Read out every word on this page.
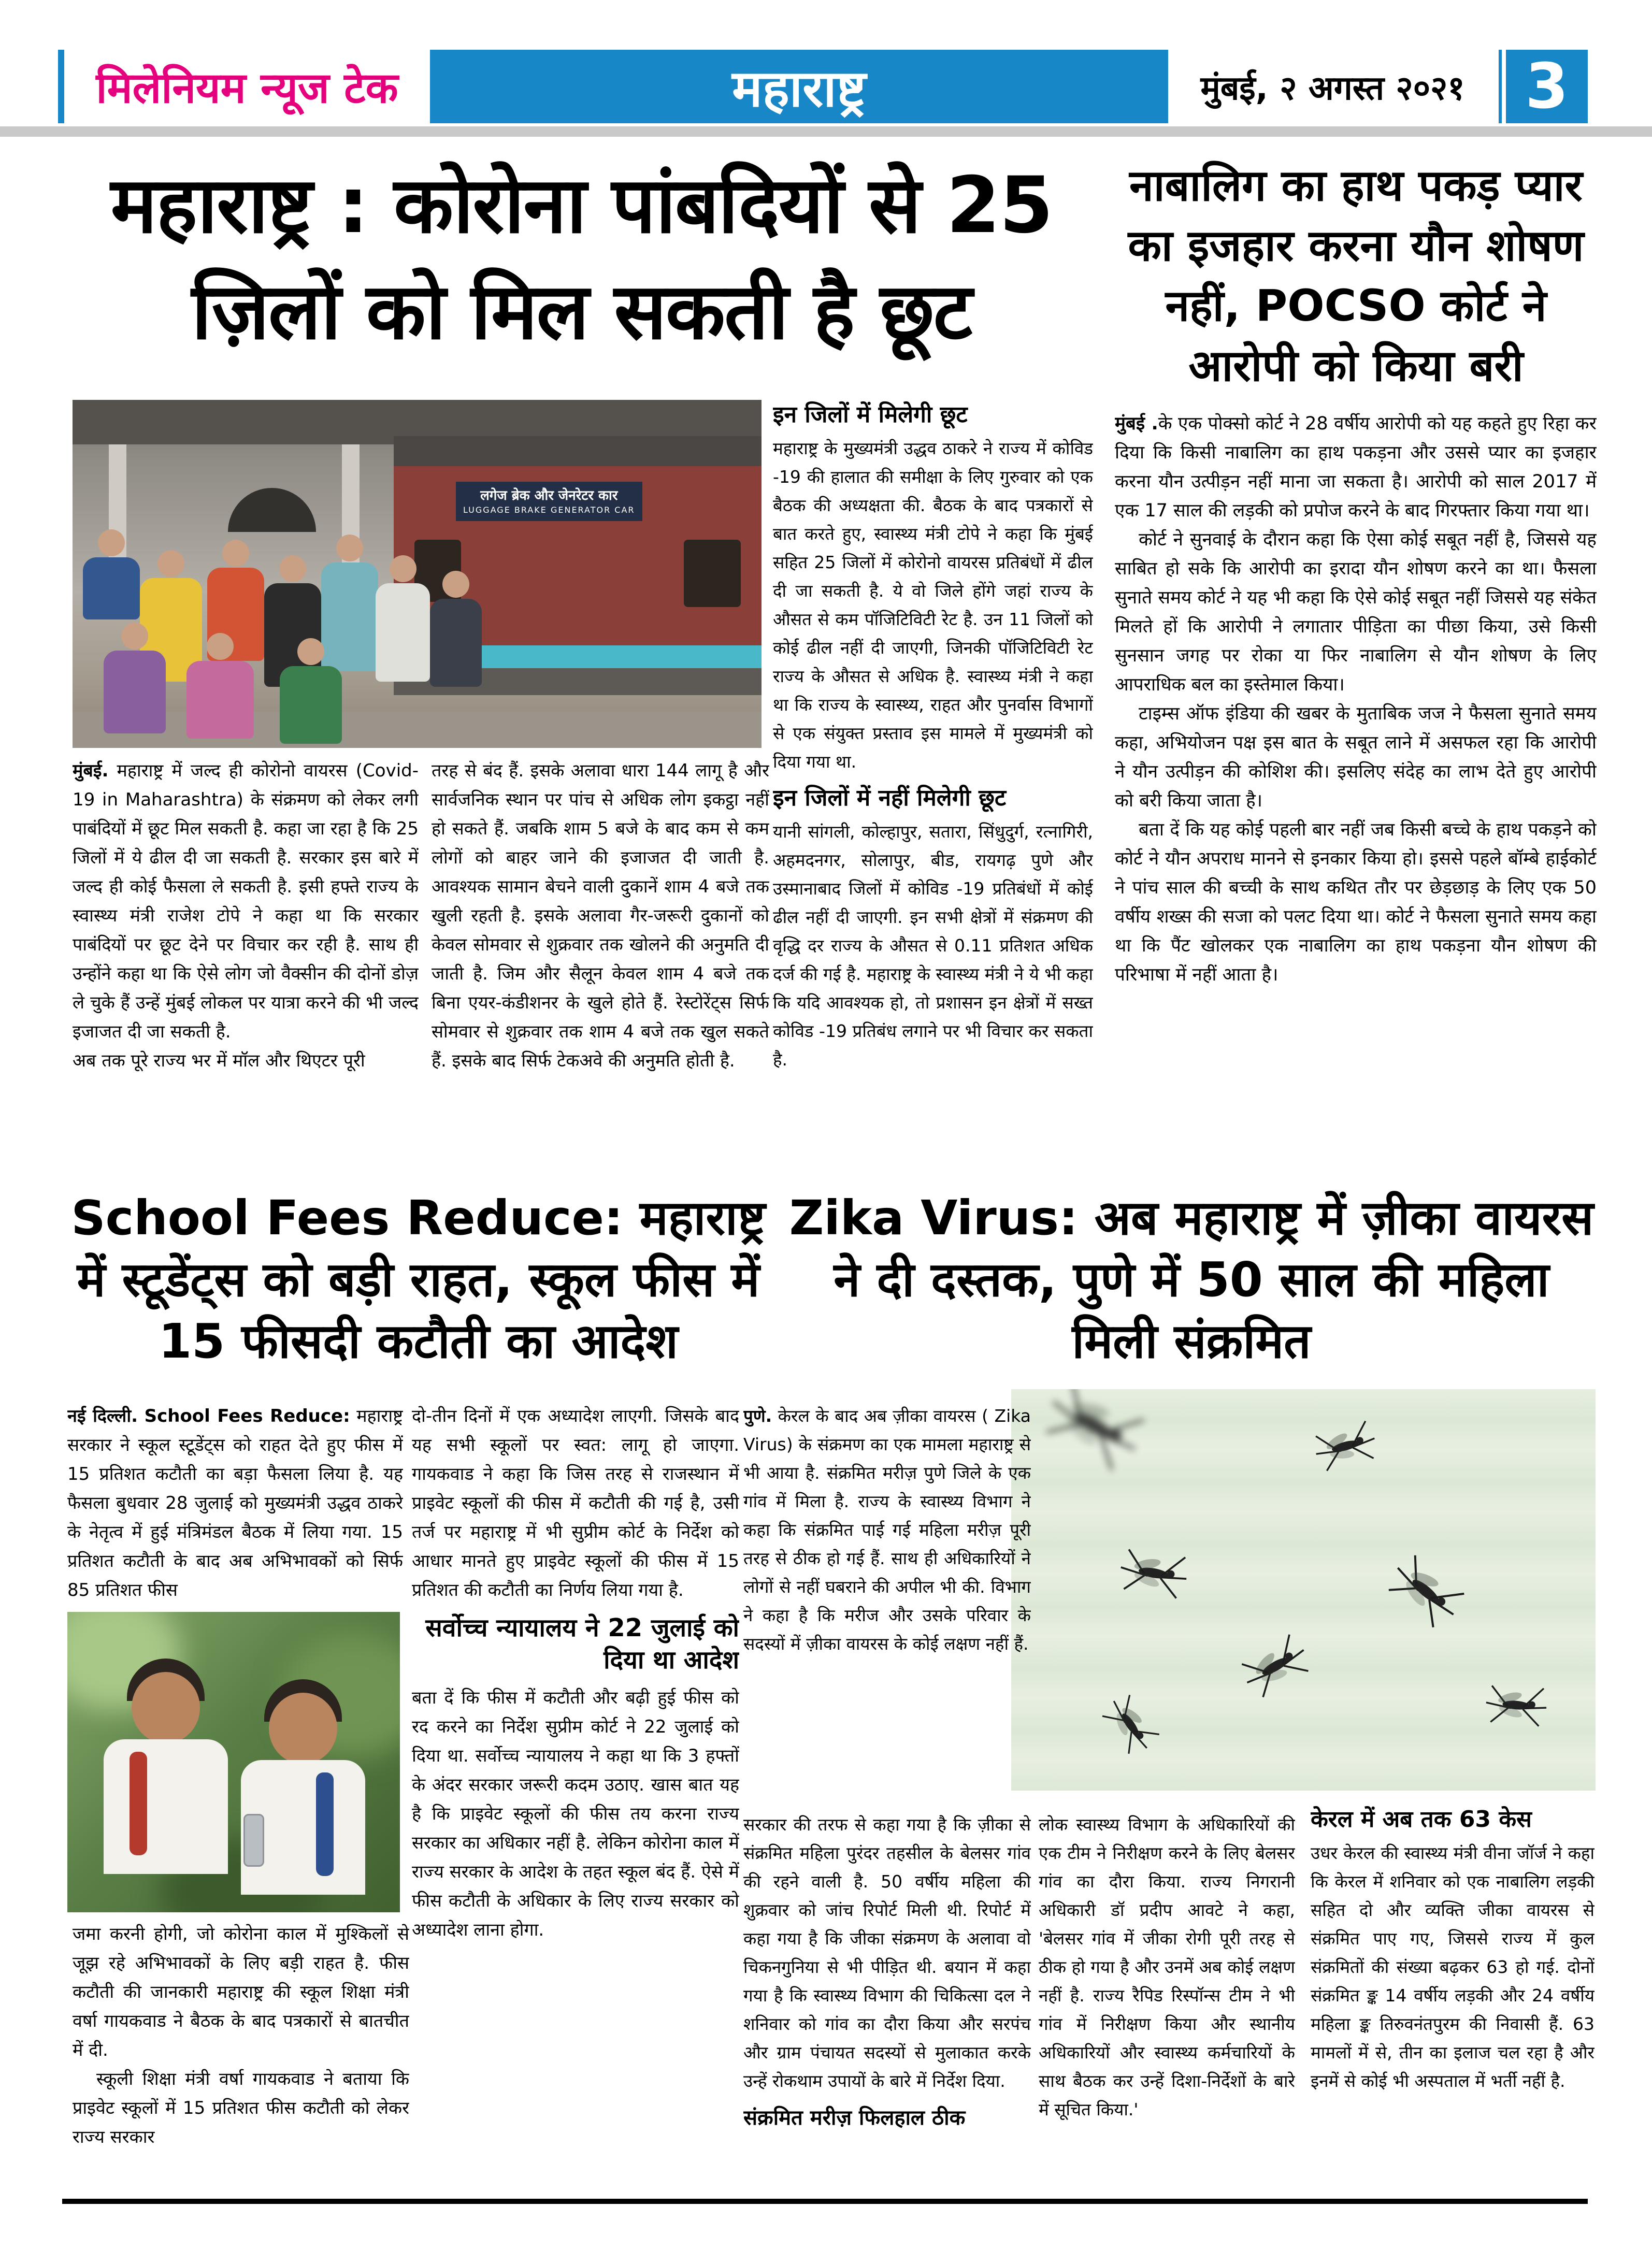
मिलेनियम न्यूज टेक	महाराष्ट्र	मुंबई, २ अगस्त २०२१ 3
महाराष्ट्र : कोरोना पांबदियों से 25 ज़िलों को मिल सकती है छूट
लगेज ब्रेक और जेनरेटर कार
LUGGAGE BRAKE GENERATOR CAR

मुंबई. महाराष्ट्र में जल्द ही कोरोनो वायरस (Covid-19 in Maharashtra) के संक्रमण को लेकर लगी पाबंदियों में छूट मिल सकती है. कहा जा रहा है कि 25 जिलों में ये ढील दी जा सकती है. सरकार इस बारे में जल्द ही कोई फैसला ले सकती है. इसी हफ्ते राज्य के स्वास्थ्य मंत्री राजेश टोपे ने कहा था कि सरकार पाबंदियों पर छूट देने पर विचार कर रही है. साथ ही उन्होंने कहा था कि ऐसे लोग जो वैक्सीन की दोनों डोज़ ले चुके हैं उन्हें मुंबई लोकल पर यात्रा करने की भी जल्द इजाजत दी जा सकती है.

अब तक पूरे राज्य भर में मॉल और थिएटर पूरी

तरह से बंद हैं. इसके अलावा धारा 144 लागू है और सार्वजनिक स्थान पर पांच से अधिक लोग इकट्ठा नहीं हो सकते हैं. जबकि शाम 5 बजे के बाद कम से कम लोगों को बाहर जाने की इजाजत दी जाती है. आवश्यक सामान बेचने वाली दुकानें शाम 4 बजे तक खुली रहती है. इसके अलावा गैर-जरूरी दुकानों को केवल सोमवार से शुक्रवार तक खोलने की अनुमति दी जाती है. जिम और सैलून केवल शाम 4 बजे तक बिना एयर-कंडीशनर के खुले होते हैं. रेस्टोरेंट्स सिर्फ सोमवार से शुक्रवार तक शाम 4 बजे तक खुल सकते हैं. इसके बाद सिर्फ टेकअवे की अनुमति होती है.

इन जिलों में मिलेगी छूट

महाराष्ट्र के मुख्यमंत्री उद्धव ठाकरे ने राज्य में कोविड -19 की हालात की समीक्षा के लिए गुरुवार को एक बैठक की अध्यक्षता की. बैठक के बाद पत्रकारों से बात करते हुए, स्वास्थ्य मंत्री टोपे ने कहा कि मुंबई सहित 25 जिलों में कोरोनो वायरस प्रतिबंधों में ढील दी जा सकती है. ये वो जिले होंगे जहां राज्य के औसत से कम पॉजिटिविटी रेट है. उन 11 जिलों को कोई ढील नहीं दी जाएगी, जिनकी पॉजिटिविटी रेट राज्य के औसत से अधिक है. स्वास्थ्य मंत्री ने कहा था कि राज्य के स्वास्थ्य, राहत और पुनर्वास विभागों से एक संयुक्त प्रस्ताव इस मामले में मुख्यमंत्री को दिया गया था.

इन जिलों में नहीं मिलेगी छूट

यानी सांगली, कोल्हापुर, सतारा, सिंधुदुर्ग, रत्नागिरी, अहमदनगर, सोलापुर, बीड, रायगढ़ पुणे और उस्मानाबाद जिलों में कोविड -19 प्रतिबंधों में कोई ढील नहीं दी जाएगी. इन सभी क्षेत्रों में संक्रमण की वृद्धि दर राज्य के औसत से 0.11 प्रतिशत अधिक दर्ज की गई है. महाराष्ट्र के स्वास्थ्य मंत्री ने ये भी कहा कि यदि आवश्यक हो, तो प्रशासन इन क्षेत्रों में सख्त कोविड -19 प्रतिबंध लगाने पर भी विचार कर सकता है.

नाबालिग का हाथ पकड़ प्यार का इजहार करना यौन शोषण नहीं, POCSO कोर्ट ने आरोपी को किया बरी

मुंबई .के एक पोक्सो कोर्ट ने 28 वर्षीय आरोपी को यह कहते हुए रिहा कर दिया कि किसी नाबालिग का हाथ पकड़ना और उससे प्यार का इजहार करना यौन उत्पीड़न नहीं माना जा सकता है। आरोपी को साल 2017 में एक 17 साल की लड़की को प्रपोज करने के बाद गिरफ्तार किया गया था।

कोर्ट ने सुनवाई के दौरान कहा कि ऐसा कोई सबूत नहीं है, जिससे यह साबित हो सके कि आरोपी का इरादा यौन शोषण करने का था। फैसला सुनाते समय कोर्ट ने यह भी कहा कि ऐसे कोई सबूत नहीं जिससे यह संकेत मिलते हों कि आरोपी ने लगातार पीड़िता का पीछा किया, उसे किसी सुनसान जगह पर रोका या फिर नाबालिग से यौन शोषण के लिए आपराधिक बल का इस्तेमाल किया।

टाइम्स ऑफ इंडिया की खबर के मुताबिक जज ने फैसला सुनाते समय कहा, अभियोजन पक्ष इस बात के सबूत लाने में असफल रहा कि आरोपी ने यौन उत्पीड़न की कोशिश की। इसलिए संदेह का लाभ देते हुए आरोपी को बरी किया जाता है।

बता दें कि यह कोई पहली बार नहीं जब किसी बच्चे के हाथ पकड़ने को कोर्ट ने यौन अपराध मानने से इनकार किया हो। इससे पहले बॉम्बे हाईकोर्ट ने पांच साल की बच्ची के साथ कथित तौर पर छेड़छाड़ के लिए एक 50 वर्षीय शख्स की सजा को पलट दिया था। कोर्ट ने फैसला सुनाते समय कहा था कि पैंट खोलकर एक नाबालिग का हाथ पकड़ना यौन शोषण की परिभाषा में नहीं आता है।

School Fees Reduce: महाराष्ट्र में स्टूडेंट्स को बड़ी राहत, स्कूल फीस में 15 फीसदी कटौती का आदेश

नई दिल्ली. School Fees Reduce: महाराष्ट्र सरकार ने स्कूल स्टूडेंट्स को राहत देते हुए फीस में 15 प्रतिशत कटौती का बड़ा फैसला लिया है. यह फैसला बुधवार 28 जुलाई को मुख्यमंत्री उद्धव ठाकरे के नेतृत्व में हुई मंत्रिमंडल बैठक में लिया गया. 15 प्रतिशत कटौती के बाद अब अभिभावकों को सिर्फ 85 प्रतिशत फीस

जमा करनी होगी, जो कोरोना काल में मुश्किलों से जूझ रहे अभिभावकों के लिए बड़ी राहत है. फीस कटौती की जानकारी महाराष्ट्र की स्कूल शिक्षा मंत्री वर्षा गायकवाड ने बैठक के बाद पत्रकारों से बातचीत में दी.

स्कूली शिक्षा मंत्री वर्षा गायकवाड ने बताया कि प्राइवेट स्कूलों में 15 प्रतिशत फीस कटौती को लेकर राज्य सरकार

दो-तीन दिनों में एक अध्यादेश लाएगी. जिसके बाद यह सभी स्कूलों पर स्वत: लागू हो जाएगा. गायकवाड ने कहा कि जिस तरह से राजस्थान में प्राइवेट स्कूलों की फीस में कटौती की गई है, उसी तर्ज पर महाराष्ट्र में भी सुप्रीम कोर्ट के निर्देश को आधार मानते हुए प्राइवेट स्कूलों की फीस में 15 प्रतिशत की कटौती का निर्णय लिया गया है.

सर्वोच्च न्यायालय ने 22 जुलाई को दिया था आदेश

बता दें कि फीस में कटौती और बढ़ी हुई फीस को रद करने का निर्देश सुप्रीम कोर्ट ने 22 जुलाई को दिया था. सर्वोच्च न्यायालय ने कहा था कि 3 हफ्तों के अंदर सरकार जरूरी कदम उठाए. खास बात यह है कि प्राइवेट स्कूलों की फीस तय करना राज्य सरकार का अधिकार नहीं है. लेकिन कोरोना काल में राज्य सरकार के आदेश के तहत स्कूल बंद हैं. ऐसे में फीस कटौती के अधिकार के लिए राज्य सरकार को अध्यादेश लाना होगा.

Zika Virus: अब महाराष्ट्र में ज़ीका वायरस ने दी दस्तक, पुणे में 50 साल की महिला मिली संक्रमित

पुणे. केरल के बाद अब ज़ीका वायरस ( Zika Virus) के संक्रमण का एक मामला महाराष्ट्र से भी आया है. संक्रमित मरीज़ पुणे जिले के एक गांव में मिला है. राज्य के स्वास्थ्य विभाग ने कहा कि संक्रमित पाई गई महिला मरीज़ पूरी तरह से ठीक हो गई हैं. साथ ही अधिकारियों ने लोगों से नहीं घबराने की अपील भी की. विभाग ने कहा है कि मरीज और उसके परिवार के सदस्यों में ज़ीका वायरस के कोई लक्षण नहीं हैं.

सरकार की तरफ से कहा गया है कि ज़ीका से संक्रमित महिला पुरंदर तहसील के बेलसर गांव की रहने वाली है. 50 वर्षीय महिला की शुक्रवार को जांच रिपोर्ट मिली थी. रिपोर्ट में कहा गया है कि जीका संक्रमण के अलावा वो चिकनगुनिया से भी पीड़ित थी. बयान में कहा गया है कि स्वास्थ्य विभाग की चिकित्सा दल ने शनिवार को गांव का दौरा किया और सरपंच और ग्राम पंचायत सदस्यों से मुलाकात करके उन्हें रोकथाम उपायों के बारे में निर्देश दिया.

संक्रमित मरीज़ फिलहाल ठीक

लोक स्वास्थ्य विभाग के अधिकारियों की एक टीम ने निरीक्षण करने के लिए बेलसर गांव का दौरा किया. राज्य निगरानी अधिकारी डॉ प्रदीप आवटे ने कहा, 'बेलसर गांव में जीका रोगी पूरी तरह से ठीक हो गया है और उनमें अब कोई लक्षण नहीं है. राज्य रैपिड रिस्पॉन्स टीम ने भी गांव में निरीक्षण किया और स्थानीय अधिकारियों और स्वास्थ्य कर्मचारियों के साथ बैठक कर उन्हें दिशा-निर्देशों के बारे में सूचित किया.'

केरल में अब तक 63 केस

उधर केरल की स्वास्थ्य मंत्री वीना जॉर्ज ने कहा कि केरल में शनिवार को एक नाबालिग लड़की सहित दो और व्यक्ति जीका वायरस से संक्रमित पाए गए, जिससे राज्य में कुल संक्रमितों की संख्या बढ़कर 63 हो गई. दोनों संक्रमित ङ्क 14 वर्षीय लड़की और 24 वर्षीय महिला ङ्क तिरुवनंतपुरम की निवासी हैं. 63 मामलों में से, तीन का इलाज चल रहा है और इनमें से कोई भी अस्पताल में भर्ती नहीं है.
